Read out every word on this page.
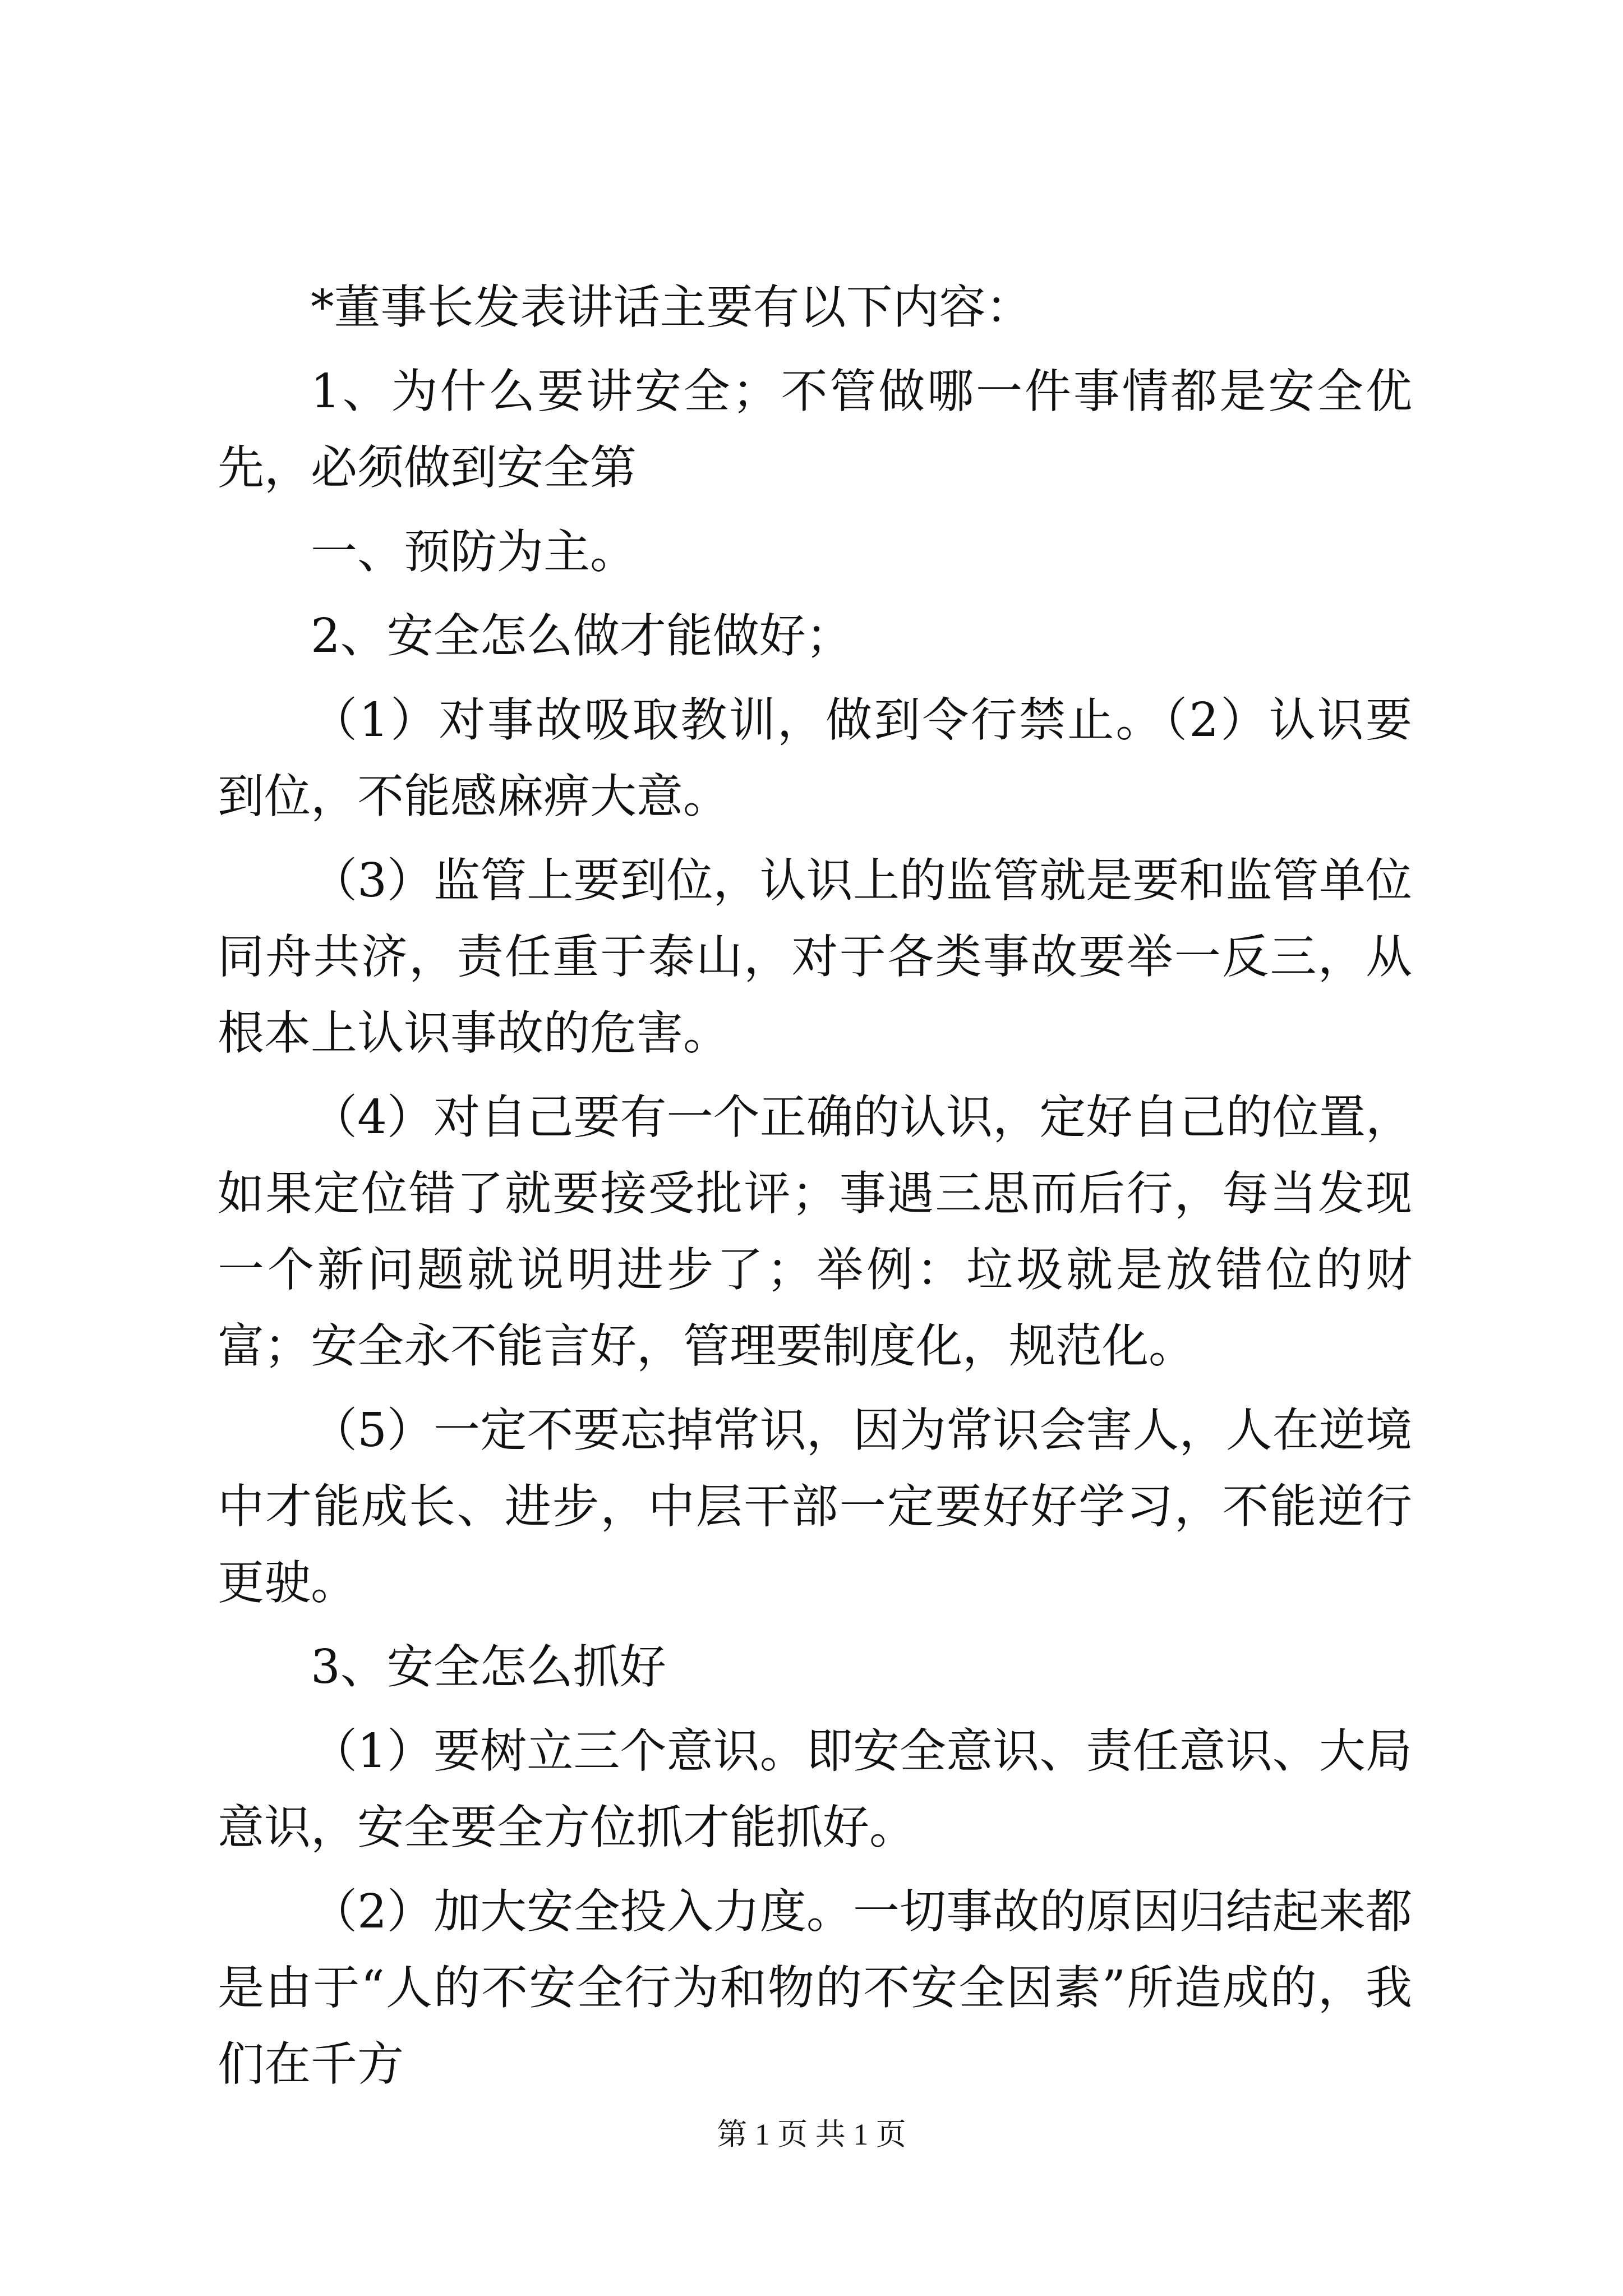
*董事长发表讲话主要有以下内容：

1、为什么要讲安全；不管做哪一件事情都是安全优先，必须做到安全第

一、预防为主。

2、安全怎么做才能做好；

（1）对事故吸取教训，做到令行禁止。（2）认识要到位，不能感麻痹大意。

（3）监管上要到位，认识上的监管就是要和监管单位同舟共济，责任重于泰山，对于各类事故要举一反三，从根本上认识事故的危害。

（4）对自己要有一个正确的认识，定好自己的位置，如果定位错了就要接受批评；事遇三思而后行，每当发现一个新问题就说明进步了；举例：垃圾就是放错位的财富；安全永不能言好，管理要制度化，规范化。

（5）一定不要忘掉常识，因为常识会害人，人在逆境中才能成长、进步，中层干部一定要好好学习，不能逆行更驶。

3、安全怎么抓好

（1）要树立三个意识。即安全意识、责任意识、大局意识，安全要全方位抓才能抓好。

（2）加大安全投入力度。一切事故的原因归结起来都是由于“人的不安全行为和物的不安全因素”所造成的，我们在千方

第 1 页 共 1 页
